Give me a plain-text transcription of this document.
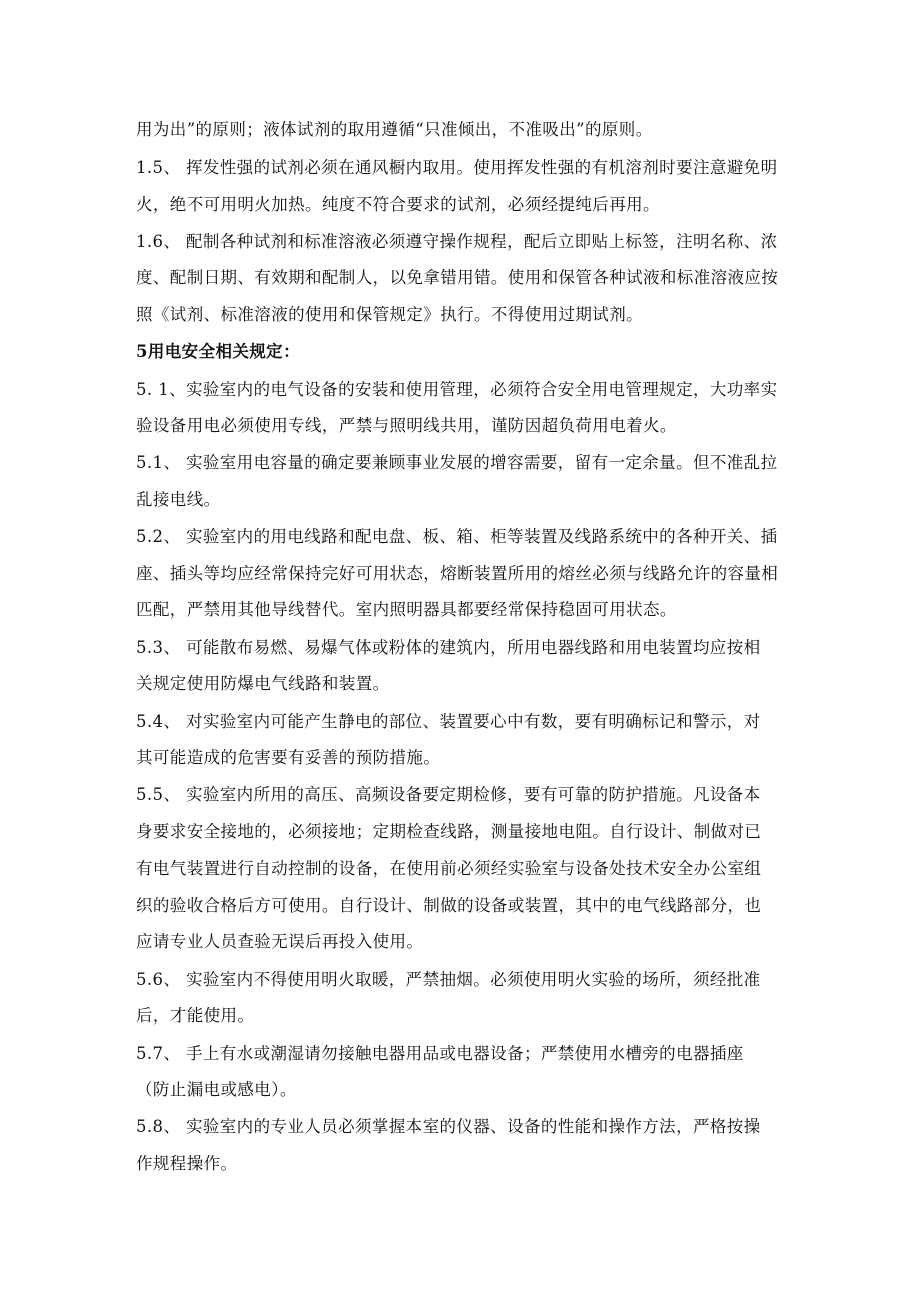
用为出”的原则；液体试剂的取用遵循“只准倾出，不准吸出”的原则。
1.5、 挥发性强的试剂必须在通风橱内取用。使用挥发性强的有机溶剂时要注意避免明
火，绝不可用明火加热。纯度不符合要求的试剂，必须经提纯后再用。
1.6、 配制各种试剂和标准溶液必须遵守操作规程，配后立即贴上标签，注明名称、浓
度、配制日期、有效期和配制人，以免拿错用错。使用和保管各种试液和标准溶液应按
照《试剂、标准溶液的使用和保管规定》执行。不得使用过期试剂。
5用电安全相关规定：
5. 1、实验室内的电气设备的安装和使用管理，必须符合安全用电管理规定，大功率实
验设备用电必须使用专线，严禁与照明线共用，谨防因超负荷用电着火。
5.1、 实验室用电容量的确定要兼顾事业发展的增容需要，留有一定余量。但不准乱拉
乱接电线。
5.2、 实验室内的用电线路和配电盘、板、箱、柜等装置及线路系统中的各种开关、插
座、插头等均应经常保持完好可用状态，熔断装置所用的熔丝必须与线路允许的容量相
匹配，严禁用其他导线替代。室内照明器具都要经常保持稳固可用状态。
5.3、 可能散布易燃、易爆气体或粉体的建筑内，所用电器线路和用电装置均应按相
关规定使用防爆电气线路和装置。
5.4、 对实验室内可能产生静电的部位、装置要心中有数，要有明确标记和警示，对
其可能造成的危害要有妥善的预防措施。
5.5、 实验室内所用的高压、高频设备要定期检修，要有可靠的防护措施。凡设备本
身要求安全接地的，必须接地；定期检查线路，测量接地电阻。自行设计、制做对已
有电气装置进行自动控制的设备，在使用前必须经实验室与设备处技术安全办公室组
织的验收合格后方可使用。自行设计、制做的设备或装置，其中的电气线路部分，也
应请专业人员查验无误后再投入使用。
5.6、 实验室内不得使用明火取暖，严禁抽烟。必须使用明火实验的场所，须经批准
后，才能使用。
5.7、 手上有水或潮湿请勿接触电器用品或电器设备；严禁使用水槽旁的电器插座
（防止漏电或感电）。
5.8、 实验室内的专业人员必须掌握本室的仪器、设备的性能和操作方法，严格按操
作规程操作。
